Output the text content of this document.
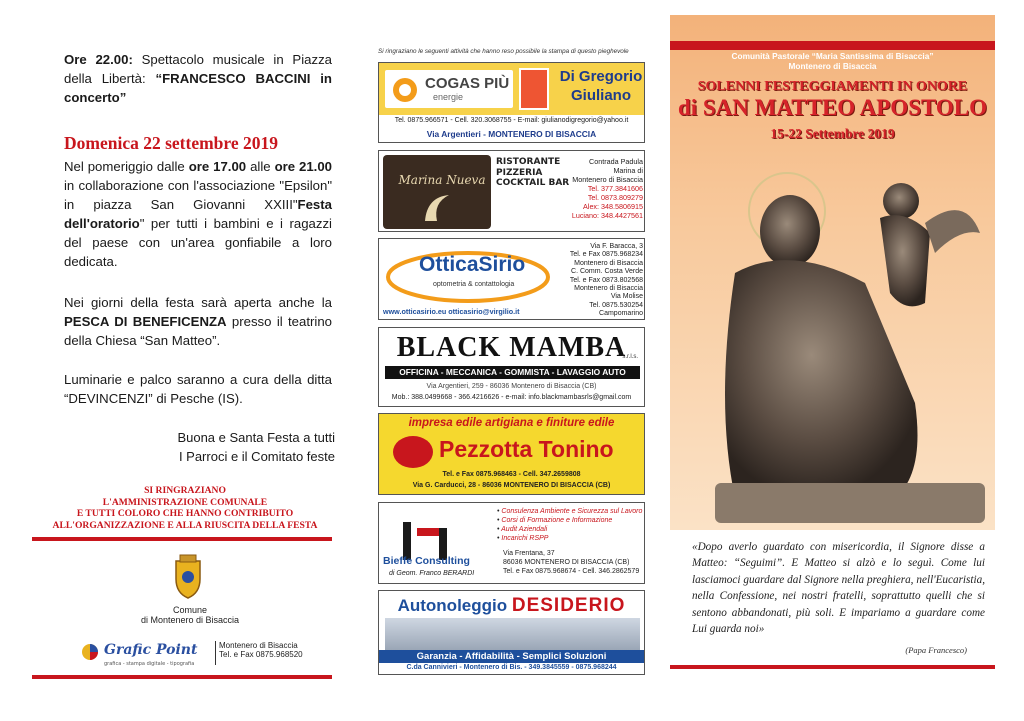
Ore 22.00: Spettacolo musicale in Piazza della Libertà: “FRANCESCO BACCINI in concerto”

Domenica 22 settembre 2019

Nel pomeriggio dalle ore 17.00 alle ore 21.00 in collaborazione con l'associazione "Epsilon" in piazza San Giovanni XXIII"Festa dell'oratorio" per tutti i bambini e i ragazzi del paese con un'area gonfiabile a loro dedicata.

Nei giorni della festa sarà aperta anche la PESCA DI BENEFICENZA presso il teatrino della Chiesa “San Matteo”.

Luminarie e palco saranno a cura della ditta “DEVINCENZI” di Pesche (IS).

Buona e Santa Festa a tutti
I Parroci e il Comitato feste
SI RINGRAZIANO
L'AMMINISTRAZIONE COMUNALE
E TUTTI COLORO CHE HANNO CONTRIBUITO
ALL'ORGANIZZAZIONE E ALLA RIUSCITA DELLA FESTA
Comune
di Montenero di Bisaccia
Grafic Point
grafica - stampa digitale - tipografia
Montenero di Bisaccia
Tel. e Fax 0875.968520
Si ringraziano le seguenti attività che hanno reso possibile la stampa di questo pieghevole
COGAS PIÙ
energie
Di Gregorio Giuliano
Tel. 0875.966571 - Cell. 320.3068755 - E-mail: giulianodigregorio@yahoo.it
Via Argentieri - MONTENERO DI BISACCIA
Marina Nueva
RISTORANTE
PIZZERIA
COCKTAIL BAR
Contrada Padula
Marina di
Montenero di Bisaccia
Tel. 377.3841606
Tel. 0873.809279
Alex: 348.5806915
Luciano: 348.4427561
OtticaSirio
optometria & contattologia
Via F. Baracca, 3
Tel. e Fax 0875.968234
Montenero di Bisaccia
C. Comm. Costa Verde
Tel. e Fax 0873.802568
Montenero di Bisaccia
Via Molise
Tel. 0875.530254
Campomarino
www.otticasirio.eu otticasirio@virgilio.it
BLACK MAMBA
s.r.l.s.
OFFICINA - MECCANICA - GOMMISTA - LAVAGGIO AUTO
Via Argentieri, 259 - 86036 Montenero di Bisaccia (CB)
Mob.: 388.0499668 - 366.4216626 - e-mail: info.blackmambasrls@gmail.com
impresa edile artigiana e finiture edile
Pezzotta Tonino
Tel. e Fax 0875.968463 - Cell. 347.2659808
Via G. Carducci, 28 - 86036 MONTENERO DI BISACCIA (CB)
Bieffe Consulting
di Geom. Franco BERARDI
• Consulenza Ambiente e Sicurezza sul Lavoro
• Corsi di Formazione e Informazione
• Audit Aziendali
• Incarichi RSPP
Via Frentana, 37
86036 MONTENERO DI BISACCIA (CB)
Tel. e Fax 0875.968674 - Cell. 346.2862579
Autonoleggio DESIDERIO
Garanzia - Affidabilità - Semplici Soluzioni
C.da Cannivieri - Montenero di Bis. - 349.3845559 - 0875.968244
Comunità Pastorale “Maria Santissima di Bisaccia”
Montenero di Bisaccia
SOLENNI FESTEGGIAMENTI IN ONORE
di SAN MATTEO APOSTOLO
15-22 Settembre 2019
«Dopo averlo guardato con misericordia, il Signore disse a Matteo: “Seguimi”. E Matteo si alzò e lo seguì. Come lui lasciamoci guardare dal Signore nella preghiera, nell'Eucaristia, nella Confessione, nei nostri fratelli, soprattutto quelli che si sentono abbandonati, più soli. E impariamo a guardare come Lui guarda noi»
(Papa Francesco)
